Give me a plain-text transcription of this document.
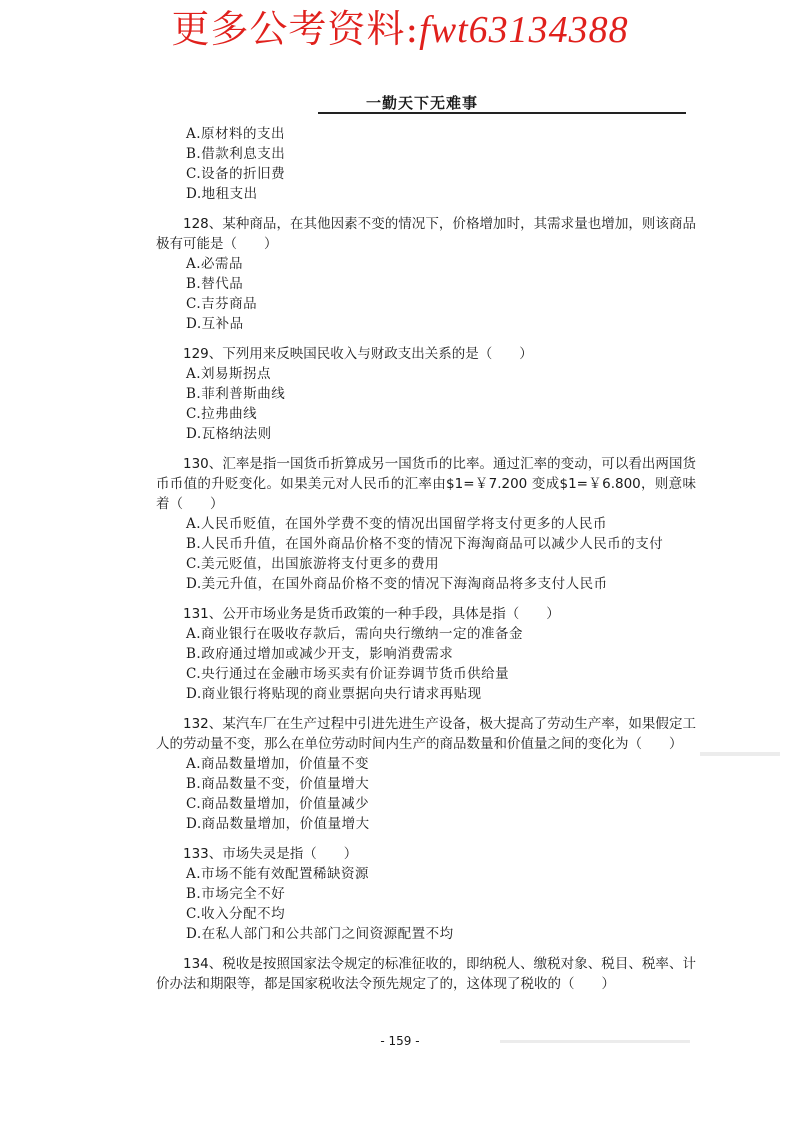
更多公考资料:fwt63134388
一勤天下无难事
A.原材料的支出
B.借款利息支出
C.设备的折旧费
D.地租支出
128、某种商品，在其他因素不变的情况下，价格增加时，其需求量也增加，则该商品极有可能是（　　）
A.必需品
B.替代品
C.吉芬商品
D.互补品
129、下列用来反映国民收入与财政支出关系的是（　　）
A.刘易斯拐点
B.菲利普斯曲线
C.拉弗曲线
D.瓦格纳法则
130、汇率是指一国货币折算成另一国货币的比率。通过汇率的变动，可以看出两国货币币值的升贬变化。如果美元对人民币的汇率由$1=￥7.200 变成$1=￥6.800，则意味着（　　）
A.人民币贬值，在国外学费不变的情况出国留学将支付更多的人民币
B.人民币升值，在国外商品价格不变的情况下海淘商品可以减少人民币的支付
C.美元贬值，出国旅游将支付更多的费用
D.美元升值，在国外商品价格不变的情况下海淘商品将多支付人民币
131、公开市场业务是货币政策的一种手段，具体是指（　　）
A.商业银行在吸收存款后，需向央行缴纳一定的准备金
B.政府通过增加或减少开支，影响消费需求
C.央行通过在金融市场买卖有价证券调节货币供给量
D.商业银行将贴现的商业票据向央行请求再贴现
132、某汽车厂在生产过程中引进先进生产设备，极大提高了劳动生产率，如果假定工人的劳动量不变，那么在单位劳动时间内生产的商品数量和价值量之间的变化为（　　）
A.商品数量增加，价值量不变
B.商品数量不变，价值量增大
C.商品数量增加，价值量减少
D.商品数量增加，价值量增大
133、市场失灵是指（　　）
A.市场不能有效配置稀缺资源
B.市场完全不好
C.收入分配不均
D.在私人部门和公共部门之间资源配置不均
134、税收是按照国家法令规定的标准征收的，即纳税人、缴税对象、税目、税率、计价办法和期限等，都是国家税收法令预先规定了的，这体现了税收的（　　）
- 159 -
